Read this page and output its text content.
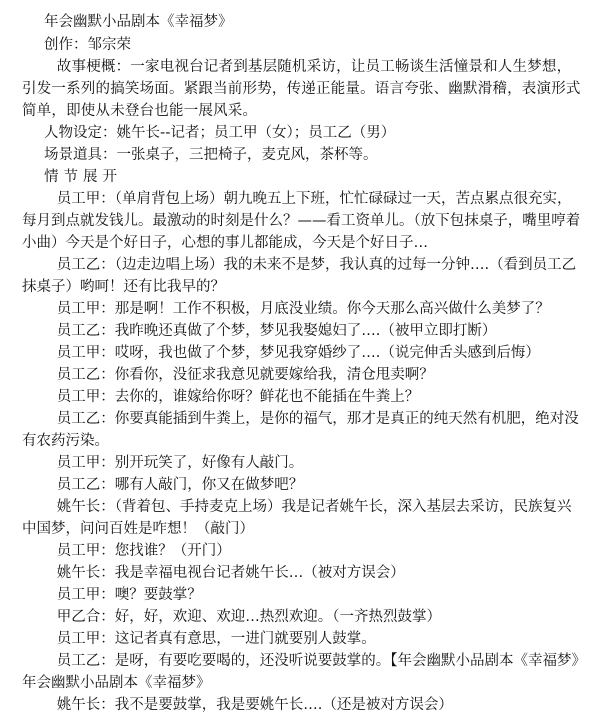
年会幽默小品剧本《幸福梦》
创作：邹宗荣

故事梗概：一家电视台记者到基层随机采访，让员工畅谈生活憧景和人生梦想，引发一系列的搞笑场面。紧跟当前形势，传递正能量。语言夸张、幽默滑稽，表演形式简单，即使从未登台也能一展风采。

人物设定：姚午长--记者；员工甲（女）；员工乙（男）

场景道具：一张桌子，三把椅子，麦克风，茶杯等。

情节展开

员工甲 ： （单肩背包上场）朝九晚五上下班，忙忙碌碌过一天，苦点累点很充实，每月到点就发钱儿。最激动的时刻是什么？——看工资单儿。（放下包抹桌子，嘴里哼着小曲）今天是个好日子，心想的事儿都能成，今天是个好日子…

员工乙 ： （边走边唱上场）我的未来不是梦，我认真的过每一分钟….（看到员工乙抹桌子）哟呵！还有比我早的？

员工甲 ： 那是啊！工作不积极，月底没业绩。你今天那么高兴做什么美梦了？

员工乙 ： 我昨晚还真做了个梦，梦见我娶媳妇了….（被甲立即打断）

员工甲 ： 哎呀，我也做了个梦，梦见我穿婚纱了….（说完伸舌头感到后悔）

员工乙 ： 你看你，没征求我意见就要嫁给我，清仓甩卖啊？

员工甲 ： 去你的，谁嫁给你呀？鲜花也不能插在牛粪上？

员工乙 ： 你要真能插到牛粪上，是你的福气，那才是真正的纯天然有机肥，绝对没有农药污染。

员工甲 ： 别开玩笑了，好像有人敲门。

员工乙 ： 哪有人敲门，你又在做梦吧？

姚午长 ： （背着包、手持麦克上场）我是记者姚午长，深入基层去采访，民族复兴中国梦，问问百姓是咋想！（敲门）

员工甲 ： 您找谁？（开门）

姚午长 ： 我是幸福电视台记者姚午长…（被对方误会）

员工甲 ： 噢？要鼓掌？

甲乙合 ： 好，好，欢迎、欢迎…热烈欢迎。（一齐热烈鼓掌）

员工甲 ： 这记者真有意思，一进门就要别人鼓掌。

员工乙 ： 是呀，有要吃要喝的，还没听说要鼓掌的。【年会幽默小品剧本《幸福梦》年会幽默小品剧本《幸福梦》

姚午长 ： 我不是要鼓掌，我是要姚午长….（还是被对方误会）
